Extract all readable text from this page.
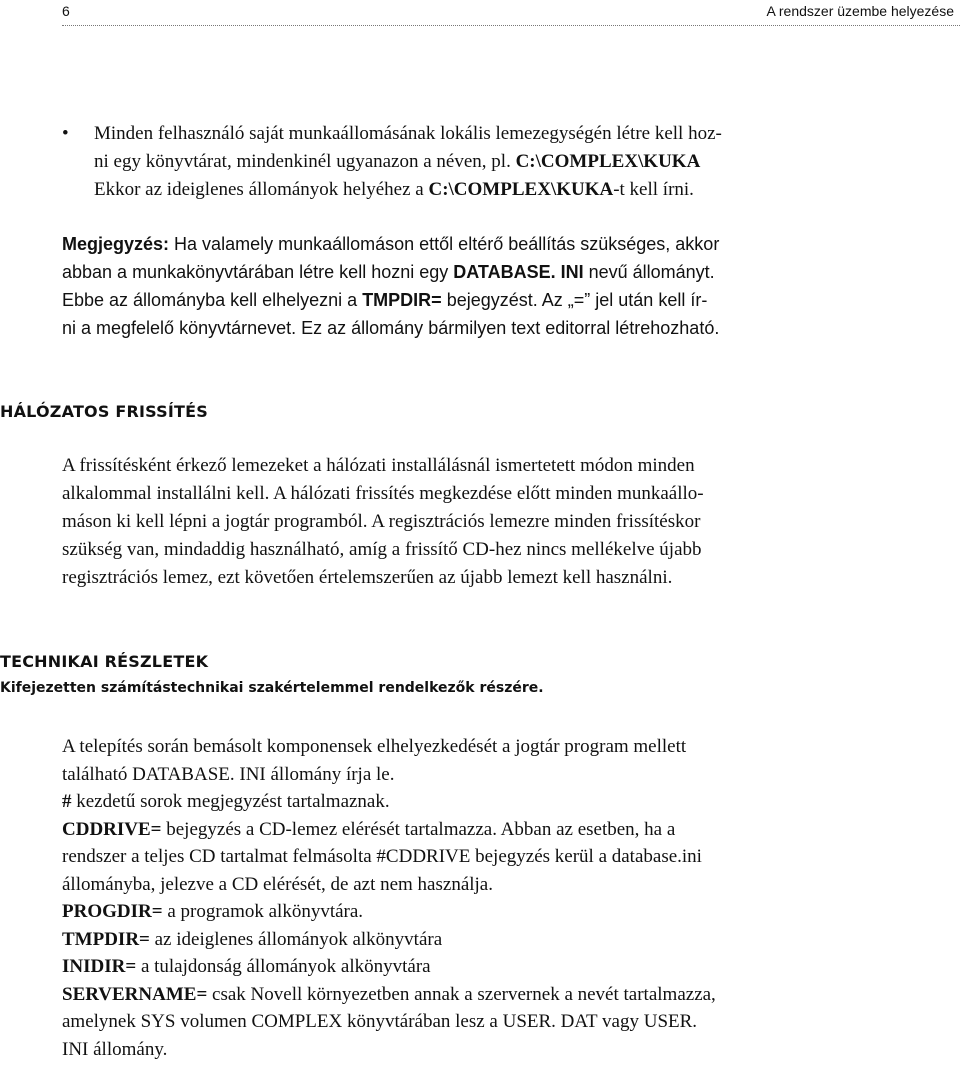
6	A rendszer üzembe helyezése
• Minden felhasználó saját munkaállomásának lokális lemezegységén létre kell hoz-
ni egy könyvtárat, mindenkinél ugyanazon a néven, pl. C:\COMPLEX\KUKA
Ekkor az ideiglenes állományok helyéhez a C:\COMPLEX\KUKA-t kell írni.
Megjegyzés: Ha valamely munkaállomáson ettől eltérő beállítás szükséges, akkor
abban a munkakönyvtárában létre kell hozni egy DATABASE. INI nevű állományt.
Ebbe az állományba kell elhelyezni a TMPDIR= bejegyzést. Az „=” jel után kell ír-
ni a megfelelő könyvtárnevet. Ez az állomány bármilyen text editorral létrehozható.
HÁLÓZATOS FRISSÍTÉS
A frissítésként érkező lemezeket a hálózati installálásnál ismertetett módon minden
alkalommal installálni kell. A hálózati frissítés megkezdése előtt minden munkaállo-
máson ki kell lépni a jogtár programból. A regisztrációs lemezre minden frissítéskor
szükség van, mindaddig használható, amíg a frissítő CD-hez nincs mellékelve újabb
regisztrációs lemez, ezt követően értelemszerűen az újabb lemezt kell használni.
TECHNIKAI RÉSZLETEK
Kifejezetten számítástechnikai szakértelemmel rendelkezők részére.
A telepítés során bemásolt komponensek elhelyezkedését a jogtár program mellett
található DATABASE. INI állomány írja le.
# kezdetű sorok megjegyzést tartalmaznak.
CDDRIVE= bejegyzés a CD-lemez elérését tartalmazza. Abban az esetben, ha a
rendszer a teljes CD tartalmat felmásolta #CDDRIVE bejegyzés kerül a database.ini
állományba, jelezve a CD elérését, de azt nem használja.
PROGDIR= a programok alkönyvtára.
TMPDIR= az ideiglenes állományok alkönyvtára
INIDIR= a tulajdonság állományok alkönyvtára
SERVERNAME= csak Novell környezetben annak a szervernek a nevét tartalmazza,
amelynek SYS volumen COMPLEX könyvtárában lesz a USER. DAT vagy USER.
INI állomány.
